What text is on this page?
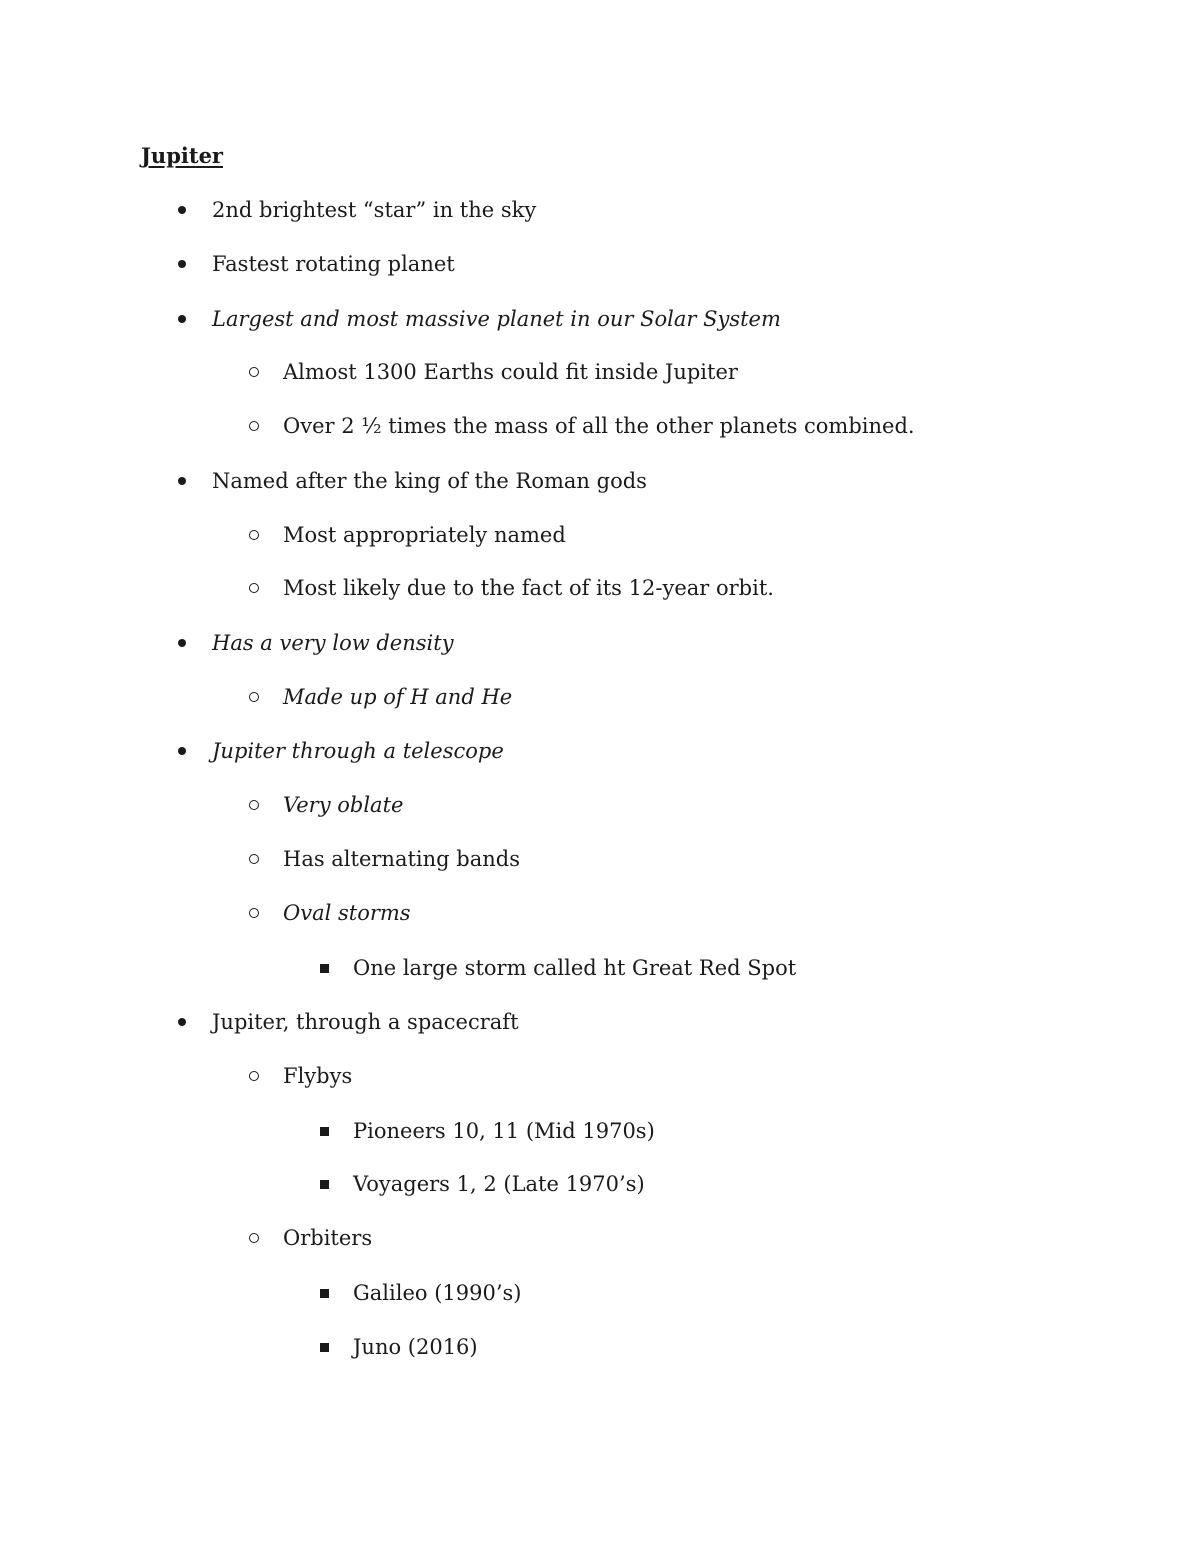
Jupiter
2nd brightest “star” in the sky
Fastest rotating planet
Largest and most massive planet in our Solar System
Almost 1300 Earths could fit inside Jupiter
Over 2 ½ times the mass of all the other planets combined.
Named after the king of the Roman gods
Most appropriately named
Most likely due to the fact of its 12-year orbit.
Has a very low density
Made up of H and He
Jupiter through a telescope
Very oblate
Has alternating bands
Oval storms
One large storm called ht Great Red Spot
Jupiter, through a spacecraft
Flybys
Pioneers 10, 11 (Mid 1970s)
Voyagers 1, 2 (Late 1970’s)
Orbiters
Galileo (1990’s)
Juno (2016)
